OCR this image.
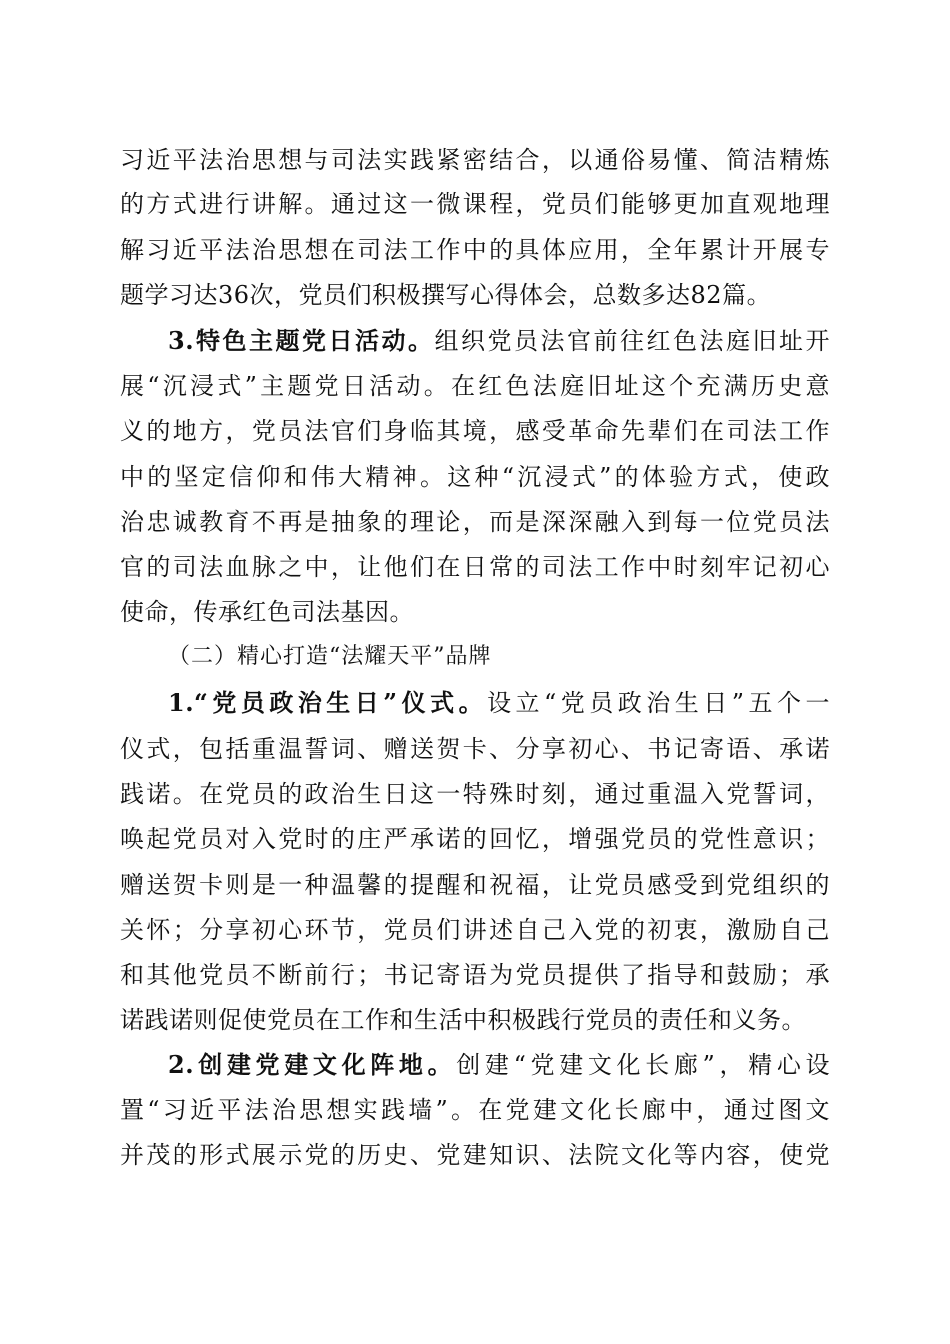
习近平法治思想与司法实践紧密结合，以通俗易懂、简洁精炼
的方式进行讲解。通过这一微课程，党员们能够更加直观地理
解习近平法治思想在司法工作中的具体应用，全年累计开展专
题学习达36次，党员们积极撰写心得体会，总数多达82篇。
3.特色主题党日活动。组织党员法官前往红色法庭旧址开
展“沉浸式”主题党日活动。在红色法庭旧址这个充满历史意
义的地方，党员法官们身临其境，感受革命先辈们在司法工作
中的坚定信仰和伟大精神。这种“沉浸式”的体验方式，使政
治忠诚教育不再是抽象的理论，而是深深融入到每一位党员法
官的司法血脉之中，让他们在日常的司法工作中时刻牢记初心
使命，传承红色司法基因。
（二）精心打造“法耀天平”品牌
1.“党员政治生日”仪式。设立“党员政治生日”五个一
仪式，包括重温誓词、赠送贺卡、分享初心、书记寄语、承诺
践诺。在党员的政治生日这一特殊时刻，通过重温入党誓词，
唤起党员对入党时的庄严承诺的回忆，增强党员的党性意识；
赠送贺卡则是一种温馨的提醒和祝福，让党员感受到党组织的
关怀；分享初心环节，党员们讲述自己入党的初衷，激励自己
和其他党员不断前行；书记寄语为党员提供了指导和鼓励；承
诺践诺则促使党员在工作和生活中积极践行党员的责任和义务。
2.创建党建文化阵地。创建“党建文化长廊”，精心设
置“习近平法治思想实践墙”。在党建文化长廊中，通过图文
并茂的形式展示党的历史、党建知识、法院文化等内容，使党
